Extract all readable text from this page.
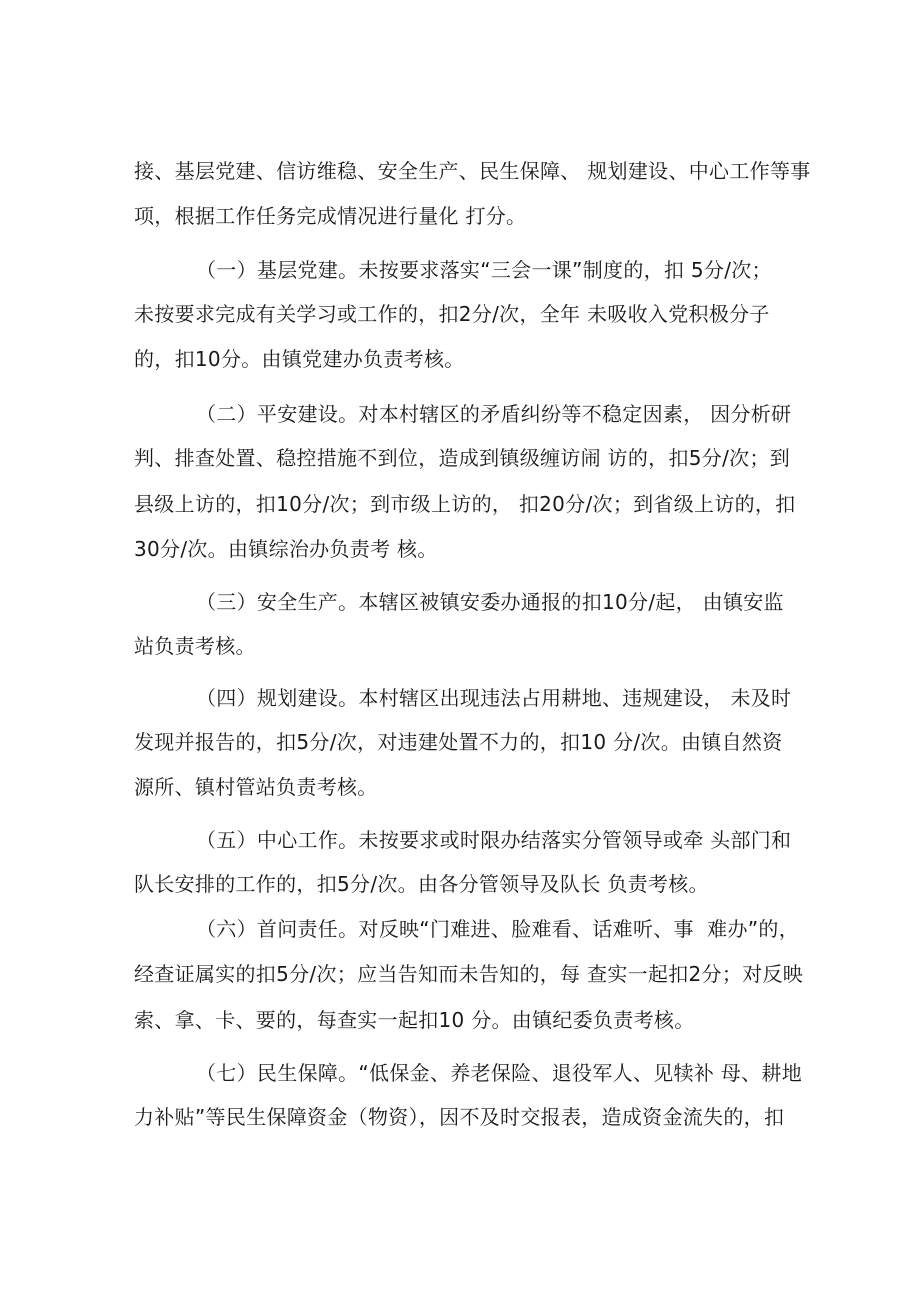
接、基层党建、信访维稳、安全生产、民生保障、 规划建设、中心工作等事
项，根据工作任务完成情况进行量化 打分。
（一）基层党建。未按要求落实“三会一课”制度的，扣 5分/次；
未按要求完成有关学习或工作的，扣2分/次，全年 未吸收入党积极分子
的，扣10分。由镇党建办负责考核。
（二）平安建设。对本村辖区的矛盾纠纷等不稳定因素， 因分析研
判、排查处置、稳控措施不到位，造成到镇级缠访闹 访的，扣5分/次；到
县级上访的，扣10分/次；到市级上访的， 扣20分/次；到省级上访的，扣
30分/次。由镇综治办负责考 核。
（三）安全生产。本辖区被镇安委办通报的扣10分/起， 由镇安监
站负责考核。
（四）规划建设。本村辖区出现违法占用耕地、违规建设， 未及时
发现并报告的，扣5分/次，对违建处置不力的，扣10 分/次。由镇自然资
源所、镇村管站负责考核。
（五）中心工作。未按要求或时限办结落实分管领导或牵 头部门和
队长安排的工作的，扣5分/次。由各分管领导及队长 负责考核。
（六）首问责任。对反映“门难进、脸难看、话难听、事  难办”的，
经查证属实的扣5分/次；应当告知而未告知的，每 查实一起扣2分；对反映
索、拿、卡、要的，每查实一起扣10 分。由镇纪委负责考核。
（七）民生保障。“低保金、养老保险、退役军人、见犊补 母、耕地
力补贴”等民生保障资金（物资），因不及时交报表，造成资金流失的，扣
